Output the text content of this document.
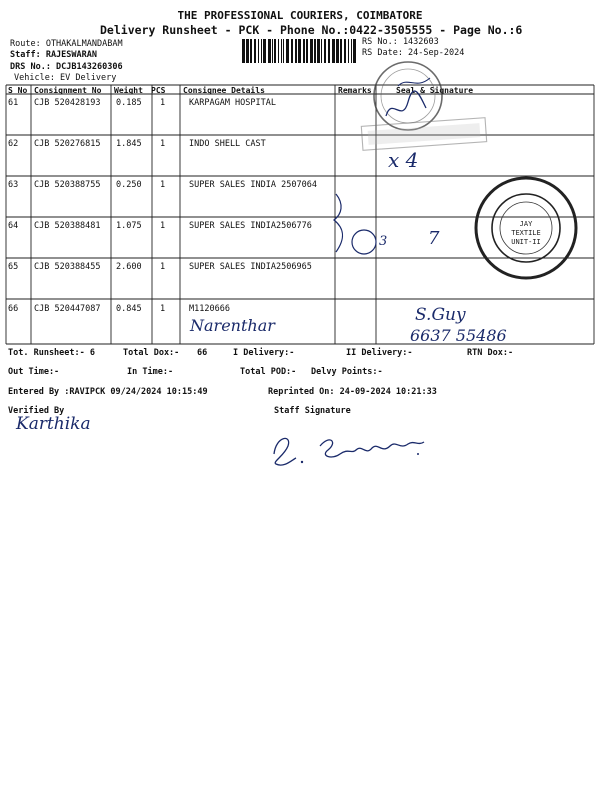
THE PROFESSIONAL COURIERS, COIMBATORE
Delivery Runsheet - PCK - Phone No.:0422-3505555 - Page No.:6
Route: OTHAKALMANDABAM
Staff: RAJESWARAN
DRS No.: DCJB143260306
Vehicle: EV Delivery
RS No.: 1432603
RS Date: 24-Sep-2024
S No Consignment No Weight PCS Consignee Details	Remarks	Seal & Signature
61 CJB 520428193 0.185 1	KARPAGAM HOSPITAL
62 CJB 520276815 1.845 1	INDO SHELL CAST
63 CJB 520388755 0.250 1	SUPER SALES INDIA 2507064
64 CJB 520388481 1.075 1	SUPER SALES INDIA2506776
65 CJB 520388455 2.600 1	SUPER SALES INDIA2506965
66 CJB 520447087 0.845 1	M1120666
x 4
JAY
TEXTILE
UNIT-II
3 7
Narenthar
S.Guy
6637 55486
Tot. Runsheet:- 6	Total Dox:- 66	I Delivery:-	II Delivery:-	RTN Dox:-
Out Time:-	In Time:-	Total POD:- Delvy Points:-
Entered By :RAVIPCK 09/24/2024 10:15:49	Reprinted On: 24-09-2024 10:21:33
Verified By	Staff Signature
Karthika
